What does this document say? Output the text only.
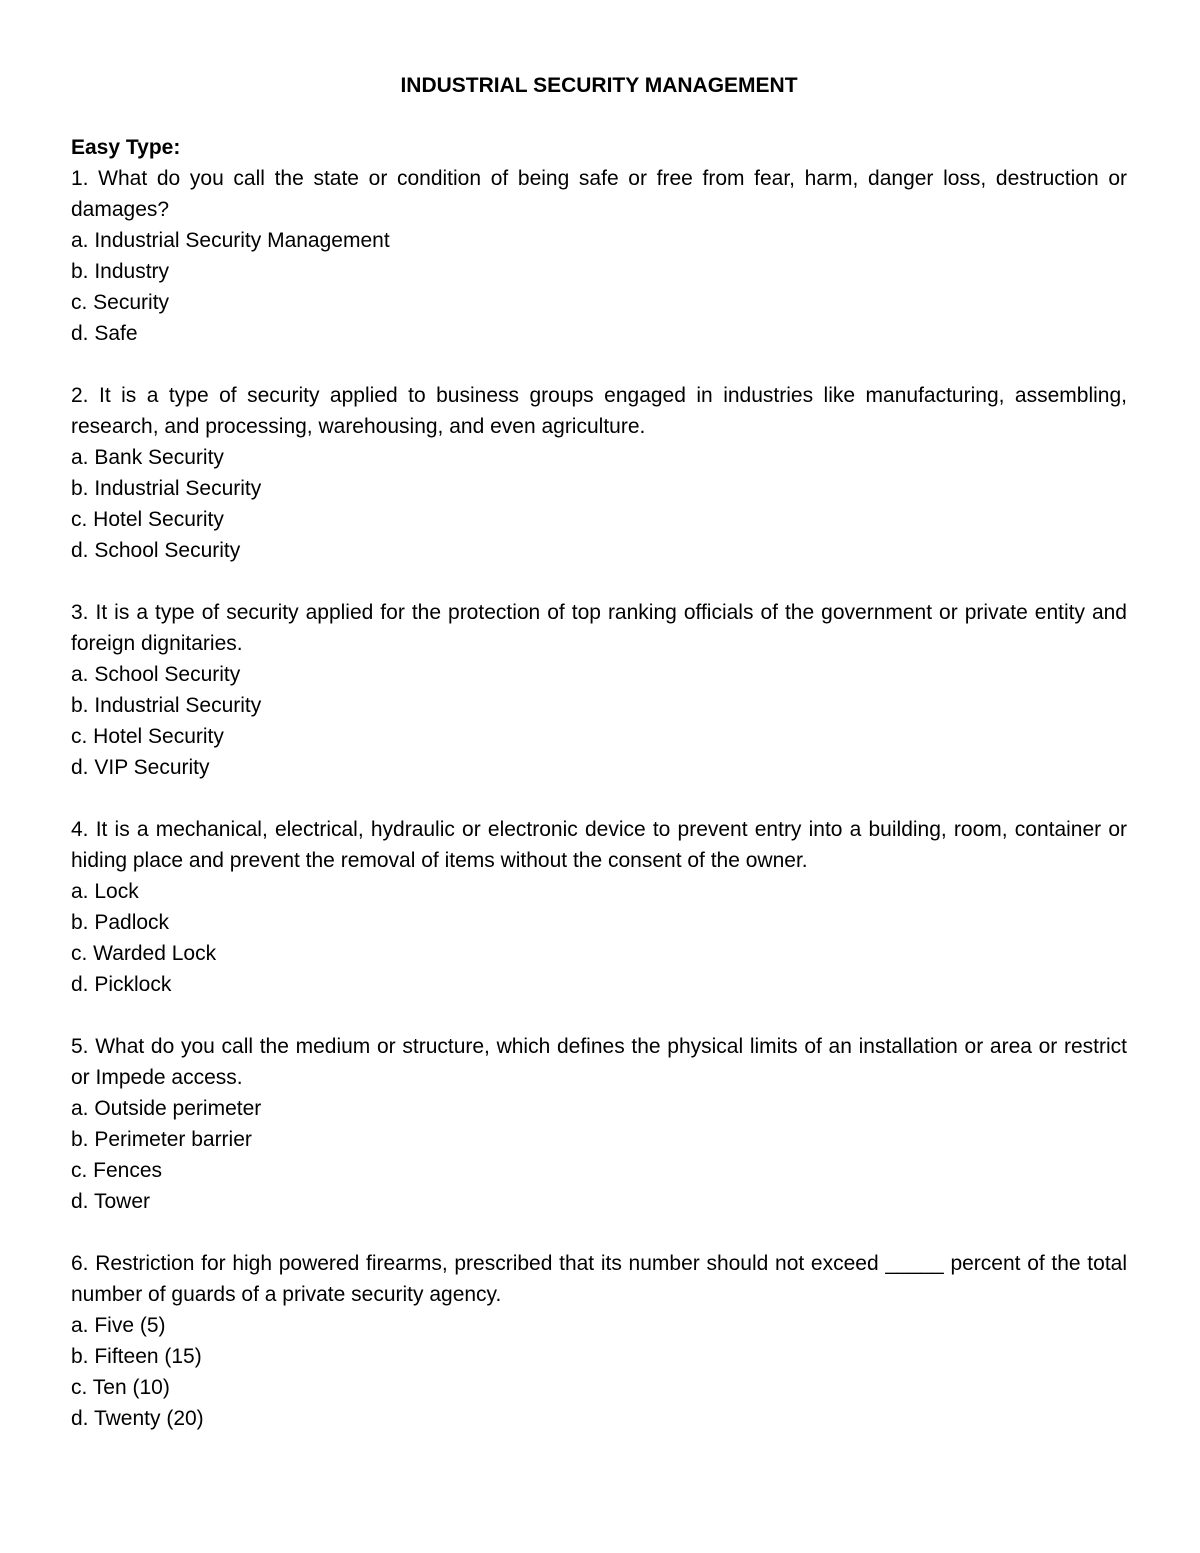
INDUSTRIAL SECURITY MANAGEMENT
Easy Type:

1. What do you call the state or condition of being safe or free from fear, harm, danger loss, destruction or damages?

a. Industrial Security Management

b. Industry

c. Security

d. Safe

2. It is a type of security applied to business groups engaged in industries like manufacturing, assembling, research, and processing, warehousing, and even agriculture.

a. Bank Security

b. Industrial Security

c. Hotel Security

d. School Security

3. It is a type of security applied for the protection of top ranking officials of the government or private entity and foreign dignitaries.

a. School Security

b. Industrial Security

c. Hotel Security

d. VIP Security

4. It is a mechanical, electrical, hydraulic or electronic device to prevent entry into a building, room, container or hiding place and prevent the removal of items without the consent of the owner.

a. Lock

b. Padlock

c. Warded Lock

d. Picklock

5. What do you call the medium or structure, which defines the physical limits of an installation or area or restrict or Impede access.

a. Outside perimeter

b. Perimeter barrier

c. Fences

d. Tower

6. Restriction for high powered firearms, prescribed that its number should not exceed _____ percent of the total number of guards of a private security agency.

a. Five (5)

b. Fifteen (15)

c. Ten (10)

d. Twenty (20)
